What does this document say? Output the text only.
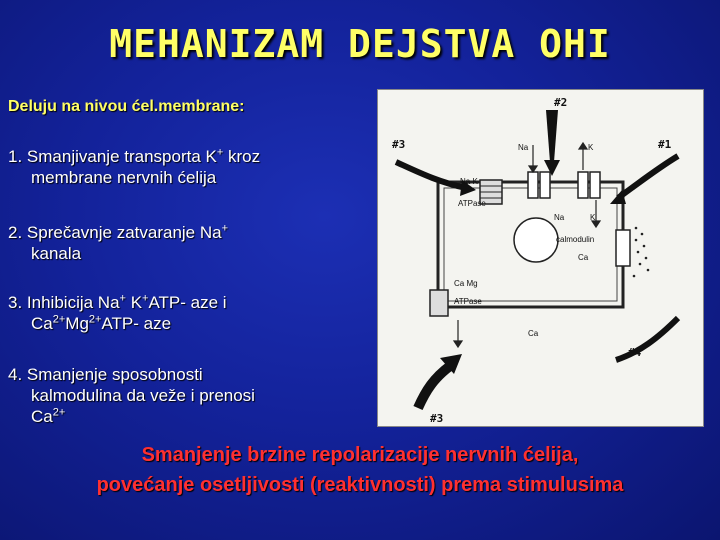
MEHANIZAM DEJSTVA OHI
Deluju na nivou ćel.membrane:
1. Smanjivanje transporta K+ kroz
membrane nervnih ćelija
2. Sprečavnje zatvaranje Na+
kanala
3. Inhibicija Na+ K+ATP- aze i
$Ca^{2+}Mg^{2+}ATP-$ aze
4. Smanjenje sposobnosti
kalmodulina da veže i prenosi
$Ca^{2+}$
#2
#3	#1
#4
#3
Na	K
Na K
ATPase
Na	K
calmodulin
Ca
Ca Mg
ATPase
Ca
Smanjenje brzine repolarizacije nervnih ćelija,
povećanje osetljivosti (reaktivnosti) prema stimulusima
